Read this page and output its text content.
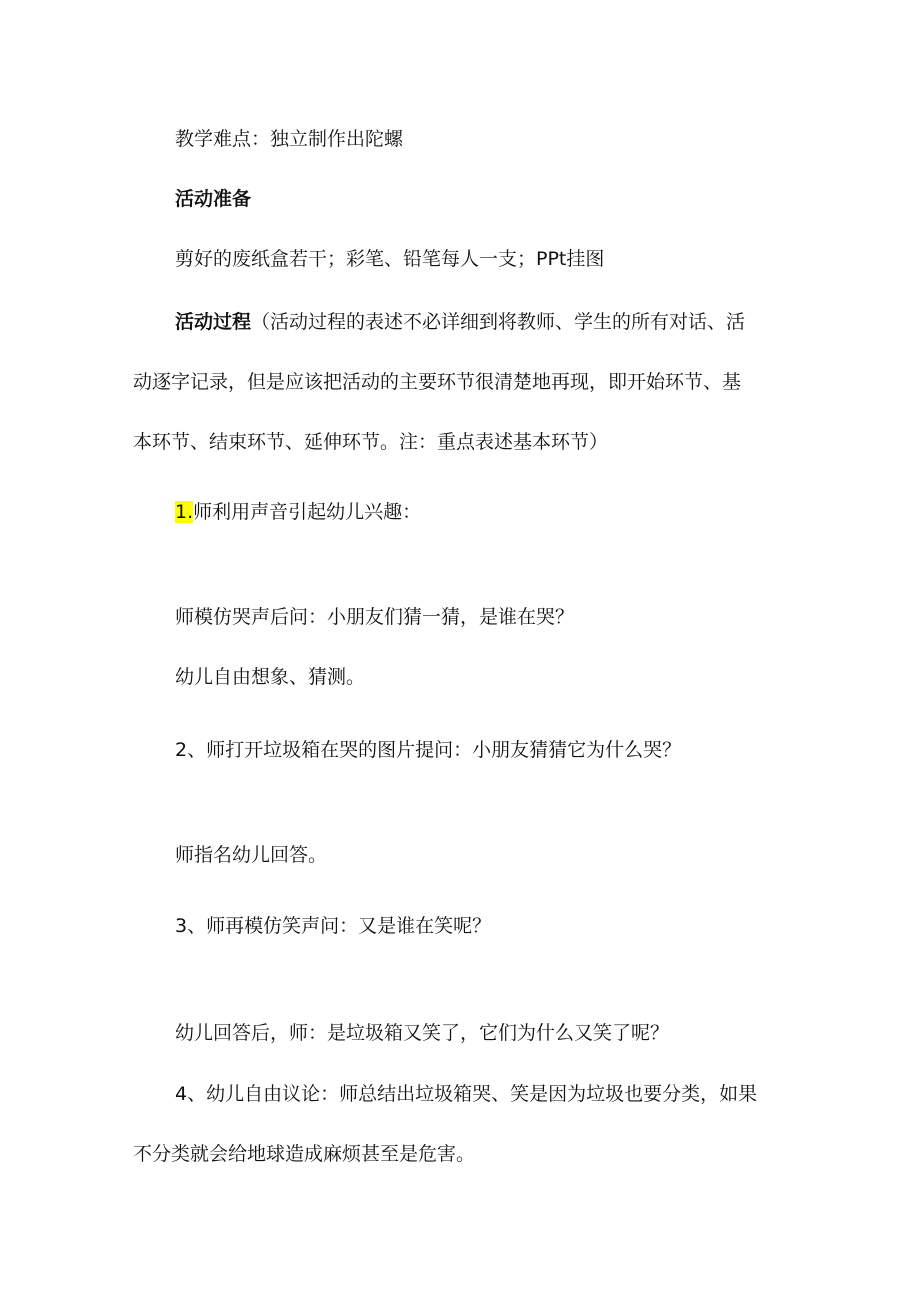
教学难点：独立制作出陀螺
活动准备
剪好的废纸盒若干；彩笔、铅笔每人一支；PPt挂图
活动过程（活动过程的表述不必详细到将教师、学生的所有对话、活
动逐字记录，但是应该把活动的主要环节很清楚地再现，即开始环节、基
本环节、结束环节、延伸环节。注：重点表述基本环节）
1.师利用声音引起幼儿兴趣：
师模仿哭声后问：小朋友们猜一猜，是谁在哭？
幼儿自由想象、猜测。
2、师打开垃圾箱在哭的图片提问：小朋友猜猜它为什么哭？
师指名幼儿回答。
3、师再模仿笑声问：又是谁在笑呢？
幼儿回答后，师：是垃圾箱又笑了，它们为什么又笑了呢？
4、幼儿自由议论：师总结出垃圾箱哭、笑是因为垃圾也要分类，如果
不分类就会给地球造成麻烦甚至是危害。
